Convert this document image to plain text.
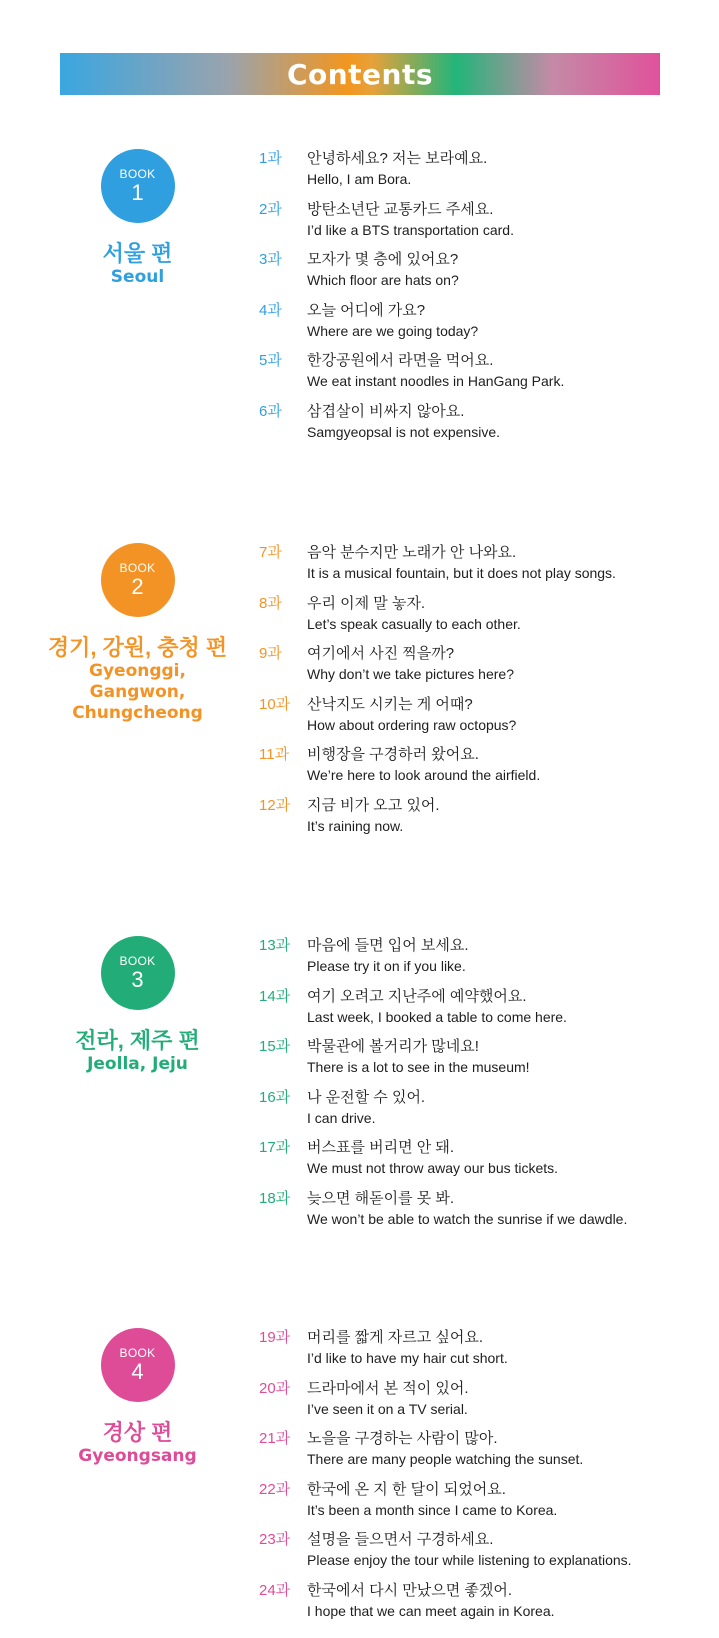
Contents
BOOK
1
서울 편
Seoul
1과 안녕하세요? 저는 보라예요.
Hello, I am Bora.
2과 방탄소년단 교통카드 주세요.
I’d like a BTS transportation card.
3과 모자가 몇 층에 있어요?
Which floor are hats on?
4과 오늘 어디에 가요?
Where are we going today?
5과 한강공원에서 라면을 먹어요.
We eat instant noodles in HanGang Park.
6과 삼겹살이 비싸지 않아요.
Samgyeopsal is not expensive.
BOOK
2
경기, 강원, 충청 편
Gyeonggi, Gangwon,
Chungcheong
7과 음악 분수지만 노래가 안 나와요.
It is a musical fountain, but it does not play songs.
8과 우리 이제 말 놓자.
Let’s speak casually to each other.
9과 여기에서 사진 찍을까?
Why don’t we take pictures here?
10과 산낙지도 시키는 게 어때?
How about ordering raw octopus?
11과 비행장을 구경하러 왔어요.
We’re here to look around the airfield.
12과 지금 비가 오고 있어.
It’s raining now.
BOOK
3
전라, 제주 편
Jeolla, Jeju
13과 마음에 들면 입어 보세요.
Please try it on if you like.
14과 여기 오려고 지난주에 예약했어요.
Last week, I booked a table to come here.
15과 박물관에 볼거리가 많네요!
There is a lot to see in the museum!
16과 나 운전할 수 있어.
I can drive.
17과 버스표를 버리면 안 돼.
We must not throw away our bus tickets.
18과 늦으면 해돋이를 못 봐.
We won’t be able to watch the sunrise if we dawdle.
BOOK
4
경상 편
Gyeongsang
19과 머리를 짧게 자르고 싶어요.
I’d like to have my hair cut short.
20과 드라마에서 본 적이 있어.
I’ve seen it on a TV serial.
21과 노을을 구경하는 사람이 많아.
There are many people watching the sunset.
22과 한국에 온 지 한 달이 되었어요.
It’s been a month since I came to Korea.
23과 설명을 들으면서 구경하세요.
Please enjoy the tour while listening to explanations.
24과 한국에서 다시 만났으면 좋겠어.
I hope that we can meet again in Korea.
